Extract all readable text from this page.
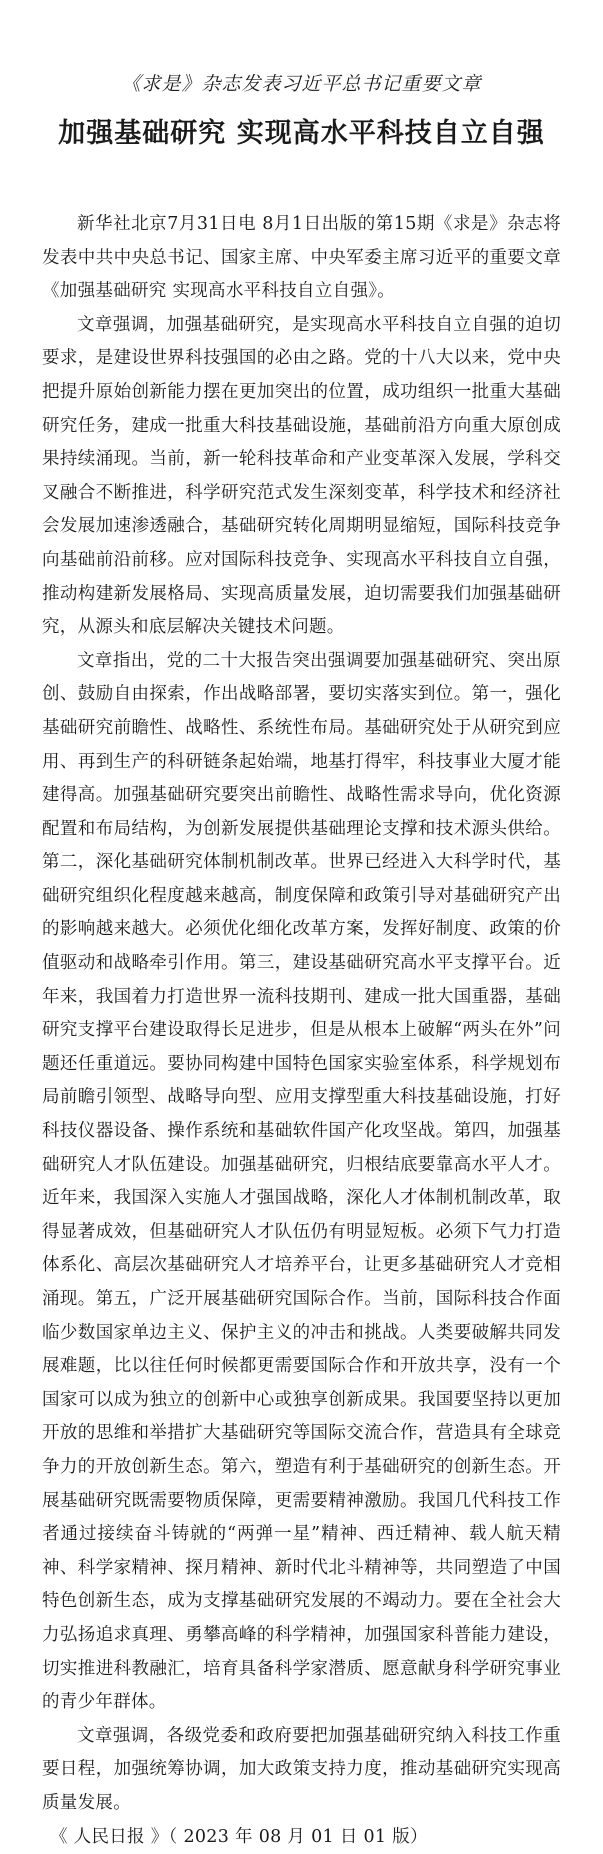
《求是》杂志发表习近平总书记重要文章

加强基础研究 实现高水平科技自立自强

新华社北京7月31日电 8月1日出版的第15期《求是》杂志将发表中共中央总书记、国家主席、中央军委主席习近平的重要文章《加强基础研究 实现高水平科技自立自强》。

文章强调，加强基础研究，是实现高水平科技自立自强的迫切要求，是建设世界科技强国的必由之路。党的十八大以来，党中央把提升原始创新能力摆在更加突出的位置，成功组织一批重大基础研究任务，建成一批重大科技基础设施，基础前沿方向重大原创成果持续涌现。当前，新一轮科技革命和产业变革深入发展，学科交叉融合不断推进，科学研究范式发生深刻变革，科学技术和经济社会发展加速渗透融合，基础研究转化周期明显缩短，国际科技竞争向基础前沿前移。应对国际科技竞争、实现高水平科技自立自强，推动构建新发展格局、实现高质量发展，迫切需要我们加强基础研究，从源头和底层解决关键技术问题。

文章指出，党的二十大报告突出强调要加强基础研究、突出原创、鼓励自由探索，作出战略部署，要切实落实到位。第一，强化基础研究前瞻性、战略性、系统性布局。基础研究处于从研究到应用、再到生产的科研链条起始端，地基打得牢，科技事业大厦才能建得高。加强基础研究要突出前瞻性、战略性需求导向，优化资源配置和布局结构，为创新发展提供基础理论支撑和技术源头供给。第二，深化基础研究体制机制改革。世界已经进入大科学时代，基础研究组织化程度越来越高，制度保障和政策引导对基础研究产出的影响越来越大。必须优化细化改革方案，发挥好制度、政策的价值驱动和战略牵引作用。第三，建设基础研究高水平支撑平台。近年来，我国着力打造世界一流科技期刊、建成一批大国重器，基础研究支撑平台建设取得长足进步，但是从根本上破解“两头在外”问题还任重道远。要协同构建中国特色国家实验室体系，科学规划布局前瞻引领型、战略导向型、应用支撑型重大科技基础设施，打好科技仪器设备、操作系统和基础软件国产化攻坚战。第四，加强基础研究人才队伍建设。加强基础研究，归根结底要靠高水平人才。近年来，我国深入实施人才强国战略，深化人才体制机制改革，取得显著成效，但基础研究人才队伍仍有明显短板。必须下气力打造体系化、高层次基础研究人才培养平台，让更多基础研究人才竞相涌现。第五，广泛开展基础研究国际合作。当前，国际科技合作面临少数国家单边主义、保护主义的冲击和挑战。人类要破解共同发展难题，比以往任何时候都更需要国际合作和开放共享，没有一个国家可以成为独立的创新中心或独享创新成果。我国要坚持以更加开放的思维和举措扩大基础研究等国际交流合作，营造具有全球竞争力的开放创新生态。第六，塑造有利于基础研究的创新生态。开展基础研究既需要物质保障，更需要精神激励。我国几代科技工作者通过接续奋斗铸就的“两弹一星”精神、西迁精神、载人航天精神、科学家精神、探月精神、新时代北斗精神等，共同塑造了中国特色创新生态，成为支撑基础研究发展的不竭动力。要在全社会大力弘扬追求真理、勇攀高峰的科学精神，加强国家科普能力建设，切实推进科教融汇，培育具备科学家潜质、愿意献身科学研究事业的青少年群体。

文章强调，各级党委和政府要把加强基础研究纳入科技工作重要日程，加强统筹协调，加大政策支持力度，推动基础研究实现高质量发展。

《 人民日报 》（ 2023 年 08 月 01 日 01 版）
